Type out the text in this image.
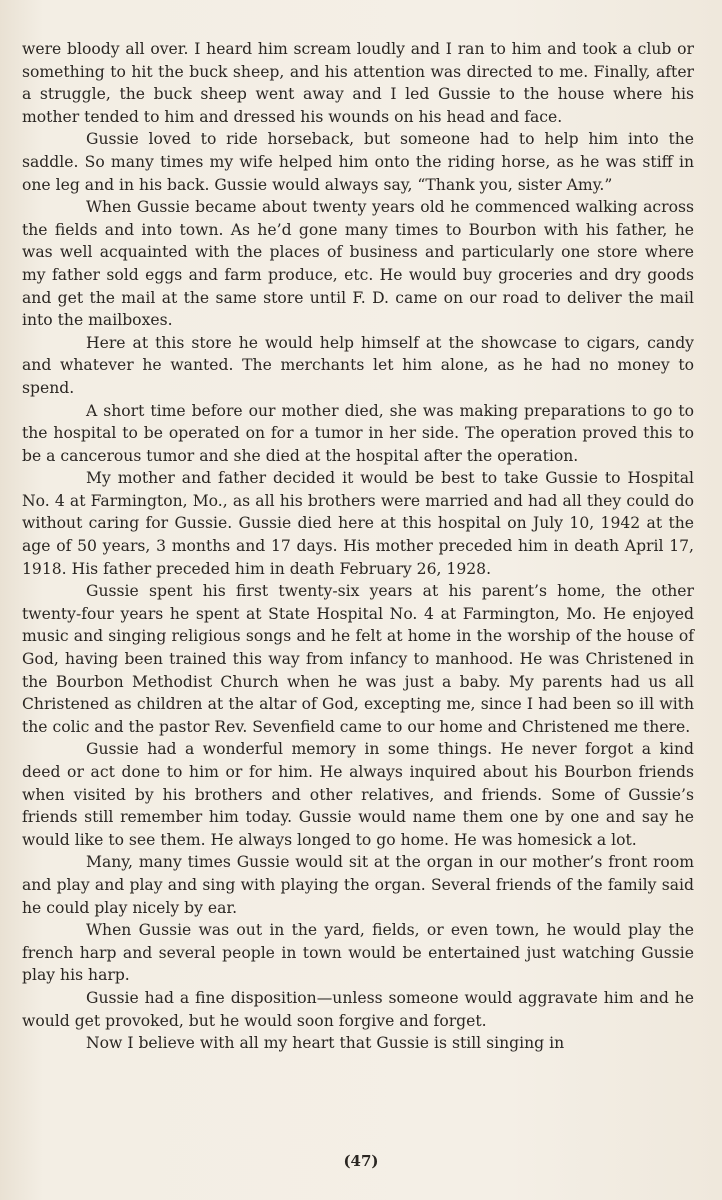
were bloody all over. I heard him scream loudly and I ran to him and took a club or something to hit the buck sheep, and his attention was directed to me. Finally, after a struggle, the buck sheep went away and I led Gussie to the house where his mother tended to him and dressed his wounds on his head and face.

Gussie loved to ride horseback, but someone had to help him into the saddle. So many times my wife helped him onto the riding horse, as he was stiff in one leg and in his back. Gussie would always say, “Thank you, sister Amy.”

When Gussie became about twenty years old he commenced walking across the fields and into town. As he’d gone many times to Bourbon with his father, he was well acquainted with the places of business and particularly one store where my father sold eggs and farm produce, etc. He would buy groceries and dry goods and get the mail at the same store until F. D. came on our road to deliver the mail into the mailboxes.

Here at this store he would help himself at the showcase to cigars, candy and whatever he wanted. The merchants let him alone, as he had no money to spend.

A short time before our mother died, she was making preparations to go to the hospital to be operated on for a tumor in her side. The operation proved this to be a cancerous tumor and she died at the hospital after the operation.

My mother and father decided it would be best to take Gussie to Hospital No. 4 at Farmington, Mo., as all his brothers were married and had all they could do without caring for Gussie. Gussie died here at this hospital on July 10, 1942 at the age of 50 years, 3 months and 17 days. His mother preceded him in death April 17, 1918. His father preceded him in death February 26, 1928.

Gussie spent his first twenty-six years at his parent’s home, the other twenty-four years he spent at State Hospital No. 4 at Farmington, Mo. He enjoyed music and singing religious songs and he felt at home in the worship of the house of God, having been trained this way from infancy to manhood. He was Christened in the Bourbon Methodist Church when he was just a baby. My parents had us all Christened as children at the altar of God, excepting me, since I had been so ill with the colic and the pastor Rev. Sevenfield came to our home and Christened me there.

Gussie had a wonderful memory in some things. He never forgot a kind deed or act done to him or for him. He always inquired about his Bourbon friends when visited by his brothers and other relatives, and friends. Some of Gussie’s friends still remember him today. Gussie would name them one by one and say he would like to see them. He always longed to go home. He was homesick a lot.

Many, many times Gussie would sit at the organ in our mother’s front room and play and play and sing with playing the organ. Several friends of the family said he could play nicely by ear.

When Gussie was out in the yard, fields, or even town, he would play the french harp and several people in town would be entertained just watching Gussie play his harp.

Gussie had a fine disposition—unless someone would aggravate him and he would get provoked, but he would soon forgive and forget.

Now I believe with all my heart that Gussie is still singing in

(47)
